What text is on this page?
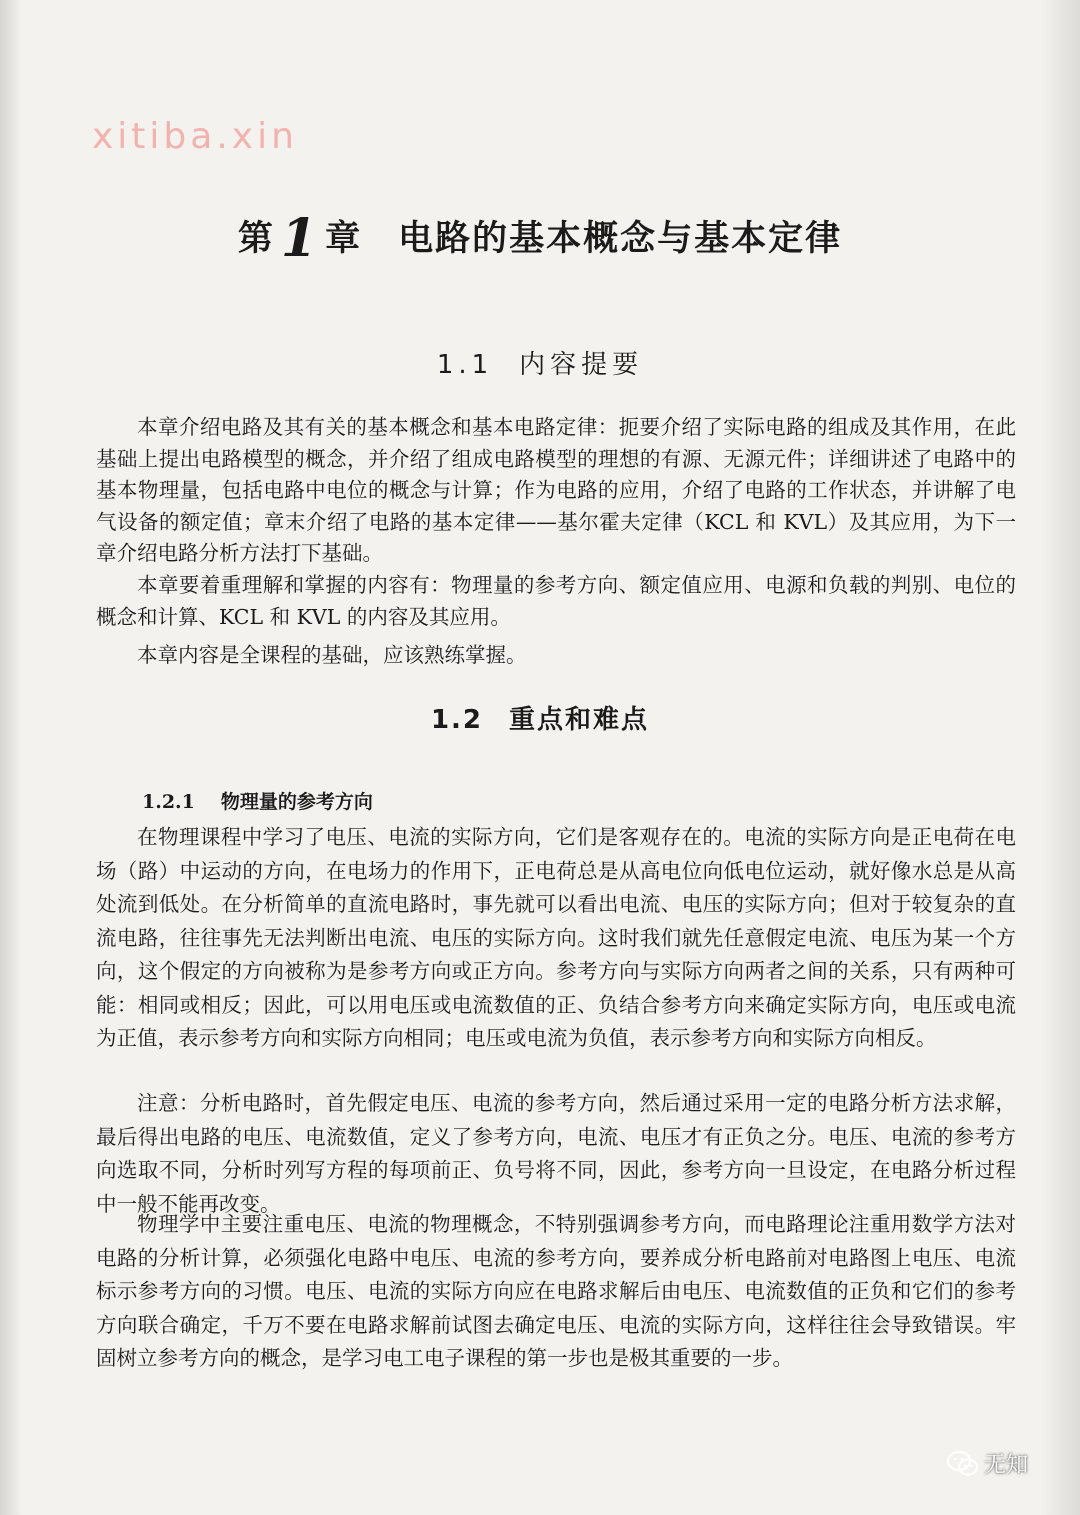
xitiba.xin
第 1 章 电路的基本概念与基本定律
1.1 内容提要

本章介绍电路及其有关的基本概念和基本电路定律：扼要介绍了实际电路的组成及其作用，在此基础上提出电路模型的概念，并介绍了组成电路模型的理想的有源、无源元件；详细讲述了电路中的基本物理量，包括电路中电位的概念与计算；作为电路的应用，介绍了电路的工作状态，并讲解了电气设备的额定值；章末介绍了电路的基本定律——基尔霍夫定律（KCL 和 KVL）及其应用，为下一章介绍电路分析方法打下基础。

本章要着重理解和掌握的内容有：物理量的参考方向、额定值应用、电源和负载的判别、电位的概念和计算、KCL 和 KVL 的内容及其应用。

本章内容是全课程的基础，应该熟练掌握。

1.2 重点和难点
1.2.1 物理量的参考方向

在物理课程中学习了电压、电流的实际方向，它们是客观存在的。电流的实际方向是正电荷在电场（路）中运动的方向，在电场力的作用下，正电荷总是从高电位向低电位运动，就好像水总是从高处流到低处。在分析简单的直流电路时，事先就可以看出电流、电压的实际方向；但对于较复杂的直流电路，往往事先无法判断出电流、电压的实际方向。这时我们就先任意假定电流、电压为某一个方向，这个假定的方向被称为是参考方向或正方向。参考方向与实际方向两者之间的关系，只有两种可能：相同或相反；因此，可以用电压或电流数值的正、负结合参考方向来确定实际方向，电压或电流为正值，表示参考方向和实际方向相同；电压或电流为负值，表示参考方向和实际方向相反。

注意：分析电路时，首先假定电压、电流的参考方向，然后通过采用一定的电路分析方法求解，最后得出电路的电压、电流数值，定义了参考方向，电流、电压才有正负之分。电压、电流的参考方向选取不同，分析时列写方程的每项前正、负号将不同，因此，参考方向一旦设定，在电路分析过程中一般不能再改变。

物理学中主要注重电压、电流的物理概念，不特别强调参考方向，而电路理论注重用数学方法对电路的分析计算，必须强化电路中电压、电流的参考方向，要养成分析电路前对电路图上电压、电流标示参考方向的习惯。电压、电流的实际方向应在电路求解后由电压、电流数值的正负和它们的参考方向联合确定，千万不要在电路求解前试图去确定电压、电流的实际方向，这样往往会导致错误。牢固树立参考方向的概念，是学习电工电子课程的第一步也是极其重要的一步。

无知
